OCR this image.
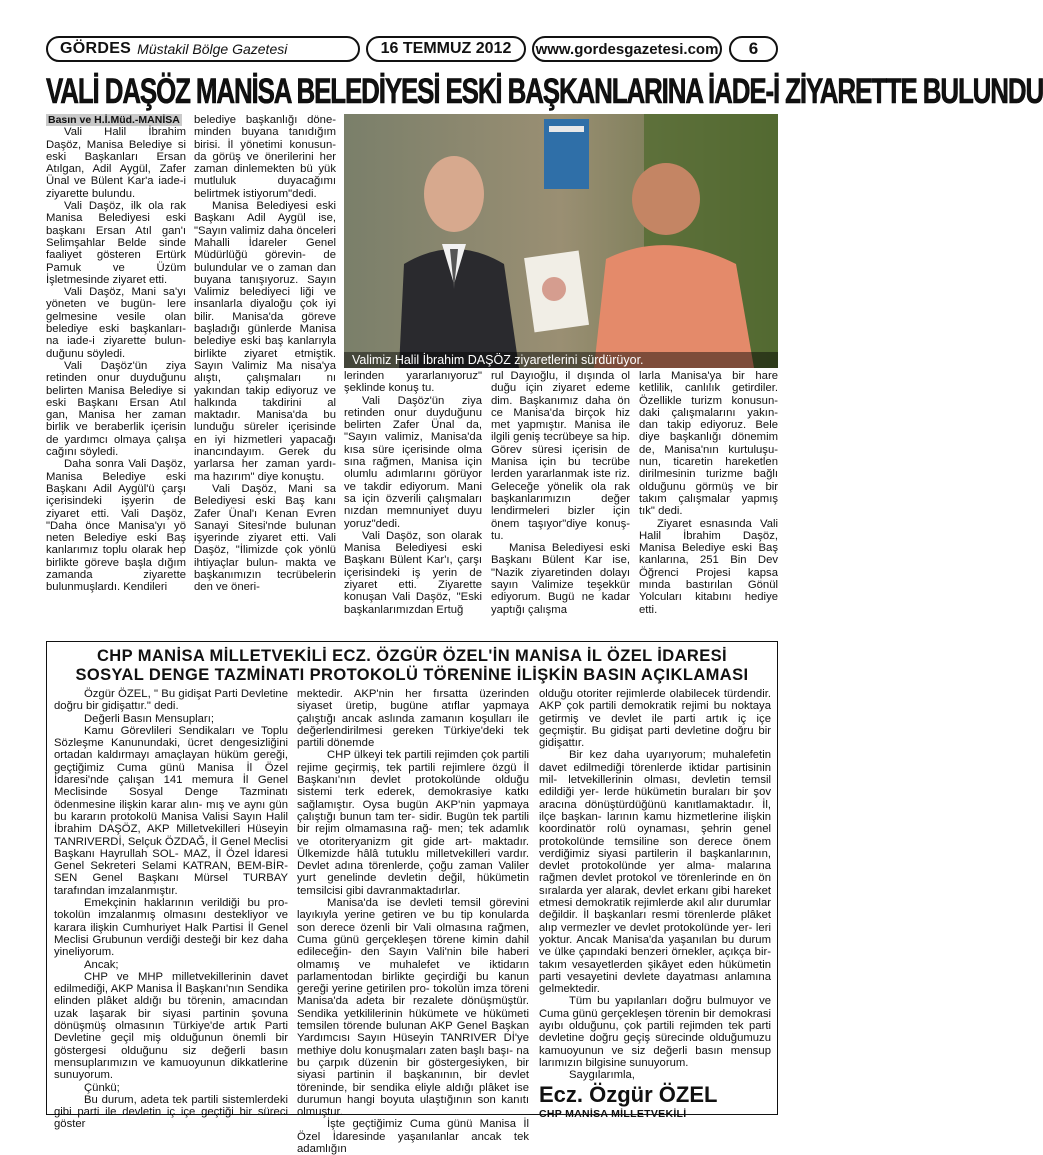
GÖRDES Müstakil Bölge Gazetesi	16 TEMMUZ 2012	www.gordesgazetesi.com	6
VALİ DAŞÖZ MANİSA BELEDİYESİ ESKİ BAŞKANLARINA İADE-İ ZİYARETTE BULUNDU

Basın ve H.İ.Müd.-MANİSA

Vali Halil İbrahim Daşöz, Manisa Belediye si eski Başkanları Ersan Atılgan, Adil Aygül, Zafer Ünal ve Bülent Kar'a iade-i ziyarette bulundu.

Vali Daşöz, ilk ola rak Manisa Belediyesi eski başkanı Ersan Atıl gan'ı Selimşahlar Belde sinde faaliyet gösteren Ertürk Pamuk ve Üzüm İşletmesinde ziyaret etti.

Vali Daşöz, Mani sa'yı yöneten ve bugün- lere gelmesine vesile olan belediye eski başkanları- na iade-i ziyarette bulun- duğunu söyledi.

Vali Daşöz'ün ziya retinden onur duyduğunu belirten Manisa Belediye si eski Başkanı Ersan Atıl gan, Manisa her zaman birlik ve beraberlik içerisin de yardımcı olmaya çalışa cağını söyledi.

Daha sonra Vali Daşöz, Manisa Belediye eski Başkanı Adil Aygül'ü çarşı içerisindeki işyerin de ziyaret etti. Vali Daşöz, "Daha önce Manisa'yı yö neten Belediye eski Baş kanlarımız toplu olarak hep birlikte göreve başla dığım zamanda ziyarette bulunmuşlardı. Kendileri

belediye başkanlığı döne- minden buyana tanıdığım birisi. İl yönetimi konusun- da görüş ve önerilerini her zaman dinlemekten bü yük mutluluk duyacağımı belirtmek istiyorum"dedi.

Manisa Belediyesi eski Başkanı Adil Aygül ise, "Sayın valimiz daha önceleri Mahalli İdareler Genel Müdürlüğü görevin- de bulundular ve o zaman dan buyana tanışıyoruz. Sayın Valimiz belediyeci liği ve insanlarla diyaloğu çok iyi bilir. Manisa'da göreve başladığı günlerde Manisa belediye eski baş kanlarıyla birlikte ziyaret etmiştik. Sayın Valimiz Ma nisa'ya alıştı, çalışmaları nı yakından takip ediyoruz ve halkında takdirini al maktadır. Manisa'da bu lunduğu süreler içerisinde en iyi hizmetleri yapacağı inancındayım. Gerek du yarlarsa her zaman yardı- ma hazırım" diye konuştu.

Vali Daşöz, Mani sa Belediyesi eski Baş kanı Zafer Ünal'ı Kenan Evren Sanayi Sitesi'nde bulunan işyerinde ziyaret etti. Vali Daşöz, "İlimizde çok yönlü ihtiyaçlar bulun- makta ve başkanımızın tecrübelerin den ve öneri-

Valimiz Halil İbrahim DAŞÖZ ziyaretlerini sürdürüyor.

lerinden yararlanıyoruz" şeklinde konuş tu.

Vali Daşöz'ün ziya retinden onur duyduğunu belirten Zafer Ünal da, "Sayın valimiz, Manisa'da kısa süre içerisinde olma sına rağmen, Manisa için olumlu adımlarını görüyor ve takdir ediyorum. Mani sa için özverili çalışmaları nızdan memnuniyet duyu yoruz"dedi.

Vali Daşöz, son olarak Manisa Belediyesi eski Başkanı Bülent Kar'ı, çarşı içerisindeki iş yerin de ziyaret etti. Ziyarette konuşan Vali Daşöz, "Eski başkanlarımızdan Ertuğ

rul Dayıoğlu, il dışında ol duğu için ziyaret edeme dim. Başkanımız daha ön ce Manisa'da birçok hiz met yapmıştır. Manisa ile ilgili geniş tecrübeye sa hip. Görev süresi içerisin de Manisa için bu tecrübe lerden yararlanmak iste riz. Geleceğe yönelik ola rak başkanlarımızın değer lendirmeleri bizler için önem taşıyor"diye konuş- tu.

Manisa Belediyesi eski Başkanı Bülent Kar ise, "Nazik ziyaretinden dolayı sayın Valimize teşekkür ediyorum. Bugü ne kadar yaptığı çalışma

larla Manisa'ya bir hare ketlilik, canlılık getirdiler. Özellikle turizm konusun- daki çalışmalarını yakın- dan takip ediyoruz. Bele diye başkanlığı dönemim de, Manisa'nın kurtuluşu- nun, ticaretin hareketlen dirilmesinin turizme bağlı olduğunu görmüş ve bir takım çalışmalar yapmış tık" dedi.

Ziyaret esnasında Vali Halil İbrahim Daşöz, Manisa Belediye eski Baş kanlarına, 251 Bin Dev Öğrenci Projesi kapsa mında bastırılan Gönül Yolcuları kitabını hediye etti.

CHP MANİSA MİLLETVEKİLİ ECZ. ÖZGÜR ÖZEL'İN MANİSA İL ÖZEL İDARESİ
SOSYAL DENGE TAZMİNATI PROTOKOLÜ TÖRENİNE İLİŞKİN BASIN AÇIKLAMASI

Özgür ÖZEL, " Bu gidişat Parti Devletine doğru bir gidişattır." dedi.

Değerli Basın Mensupları;

Kamu Görevlileri Sendikaları ve Toplu Sözleşme Kanunundaki, ücret dengesizliğini ortadan kaldırmayı amaçlayan hüküm gereği, geçtiğimiz Cuma günü Manisa İl Özel İdaresi'nde çalışan 141 memura İl Genel Meclisinde Sosyal Denge Tazminatı ödenmesine ilişkin karar alın- mış ve aynı gün bu kararın protokolü Manisa Valisi Sayın Halil İbrahim DAŞÖZ, AKP Milletvekilleri Hüseyin TANRIVERDİ, Selçuk ÖZDAĞ, İl Genel Meclisi Başkanı Hayrullah SOL- MAZ, İl Özel İdaresi Genel Sekreteri Selami KATRAN, BEM-BİR-SEN Genel Başkanı Mürsel TURBAY tarafından imzalanmıştır.

Emekçinin haklarının verildiği bu pro- tokolün imzalanmış olmasını destekliyor ve karara ilişkin Cumhuriyet Halk Partisi İl Genel Meclisi Grubunun verdiği desteği bir kez daha yineliyorum.

Ancak;

CHP ve MHP milletvekillerinin davet edilmediği, AKP Manisa İl Başkanı'nın Sendika elinden plâket aldığı bu törenin, amacından uzak laşarak bir siyasi partinin şovuna dönüşmüş olmasının Türkiye'de artık Parti Devletine geçil miş olduğunun önemli bir göstergesi olduğunu siz değerli basın mensuplarımızın ve kamuoyunun dikkatlerine sunuyorum.

Çünkü;

Bu durum, adeta tek partili sistemlerdeki gibi parti ile devletin iç içe geçtiği bir süreci göster

mektedir. AKP'nin her fırsatta üzerinden siyaset üretip, bugüne atıflar yapmaya çalıştığı ancak aslında zamanın koşulları ile değerlendirilmesi gereken Türkiye'deki tek partili dönemde

CHP ülkeyi tek partili rejimden çok partili rejime geçirmiş, tek partili rejimlere özgü İl Başkanı'nın devlet protokolünde olduğu sistemi terk ederek, demokrasiye katkı sağlamıştır. Oysa bugün AKP'nin yapmaya çalıştığı bunun tam ter- sidir. Bugün tek partili bir rejim olmamasına rağ- men; tek adamlık ve otoriteryanizm git gide art- maktadır. Ülkemizde hâlâ tutuklu milletvekilleri vardır. Devlet adına törenlerde, çoğu zaman Valiler yurt genelinde devletin değil, hükümetin temsilcisi gibi davranmaktadırlar.

Manisa'da ise devleti temsil görevini layıkıyla yerine getiren ve bu tip konularda son derece özenli bir Vali olmasına rağmen, Cuma günü gerçekleşen törene kimin dahil edileceğin- den Sayın Vali'nin bile haberi olmamış ve muhalefet ve iktidarın parlamentodan birlikte geçirdiği bu kanun gereği yerine getirilen pro- tokolün imza töreni Manisa'da adeta bir rezalete dönüşmüştür. Sendika yetkililerinin hükümete ve hükümeti temsilen törende bulunan AKP Genel Başkan Yardımcısı Sayın Hüseyin TANRIVER Dİ'ye methiye dolu konuşmaları zaten başlı başı- na bu çarpık düzenin bir göstergesiyken, bir siyasi partinin il başkanının, bir devlet töreninde, bir sendika eliyle aldığı plâket ise durumun hangi boyuta ulaştığının son kanıtı olmuştur.

İşte geçtiğimiz Cuma günü Manisa İl Özel İdaresinde yaşanılanlar ancak tek adamlığın

olduğu otoriter rejimlerde olabilecek türdendir. AKP çok partili demokratik rejimi bu noktaya getirmiş ve devlet ile parti artık iç içe geçmiştir. Bu gidişat parti devletine doğru bir gidişattır.

Bir kez daha uyarıyorum; muhalefetin davet edilmediği törenlerde iktidar partisinin mil- letvekillerinin olması, devletin temsil edildiği yer- lerde hükümetin buraları bir şov aracına dönüştürdüğünü kanıtlamaktadır. İl, ilçe başkan- larının kamu hizmetlerine ilişkin koordinatör rolü oynaması, şehrin genel protokolünde temsiline son derece önem verdiğimiz siyasi partilerin il başkanlarının, devlet protokolünde yer alma- malarına rağmen devlet protokol ve törenlerinde en ön sıralarda yer alarak, devlet erkanı gibi hareket etmesi demokratik rejimlerde akıl alır durumlar değildir. İl başkanları resmi törenlerde plâket alıp vermezler ve devlet protokolünde yer- leri yoktur. Ancak Manisa'da yaşanılan bu durum ve ülke çapındaki benzeri örnekler, açıkça bir- takım vesayetlerden şikâyet eden hükümetin parti vesayetini devlete dayatması anlamına gelmektedir.

Tüm bu yapılanları doğru bulmuyor ve Cuma günü gerçekleşen törenin bir demokrasi ayıbı olduğunu, çok partili rejimden tek parti devletine doğru geçiş sürecinde olduğumuzu kamuoyunun ve siz değerli basın mensup larımızın bilgisine sunuyorum.

Saygılarımla,

Ecz. Özgür ÖZEL

CHP MANİSA MİLLETVEKİLİ
